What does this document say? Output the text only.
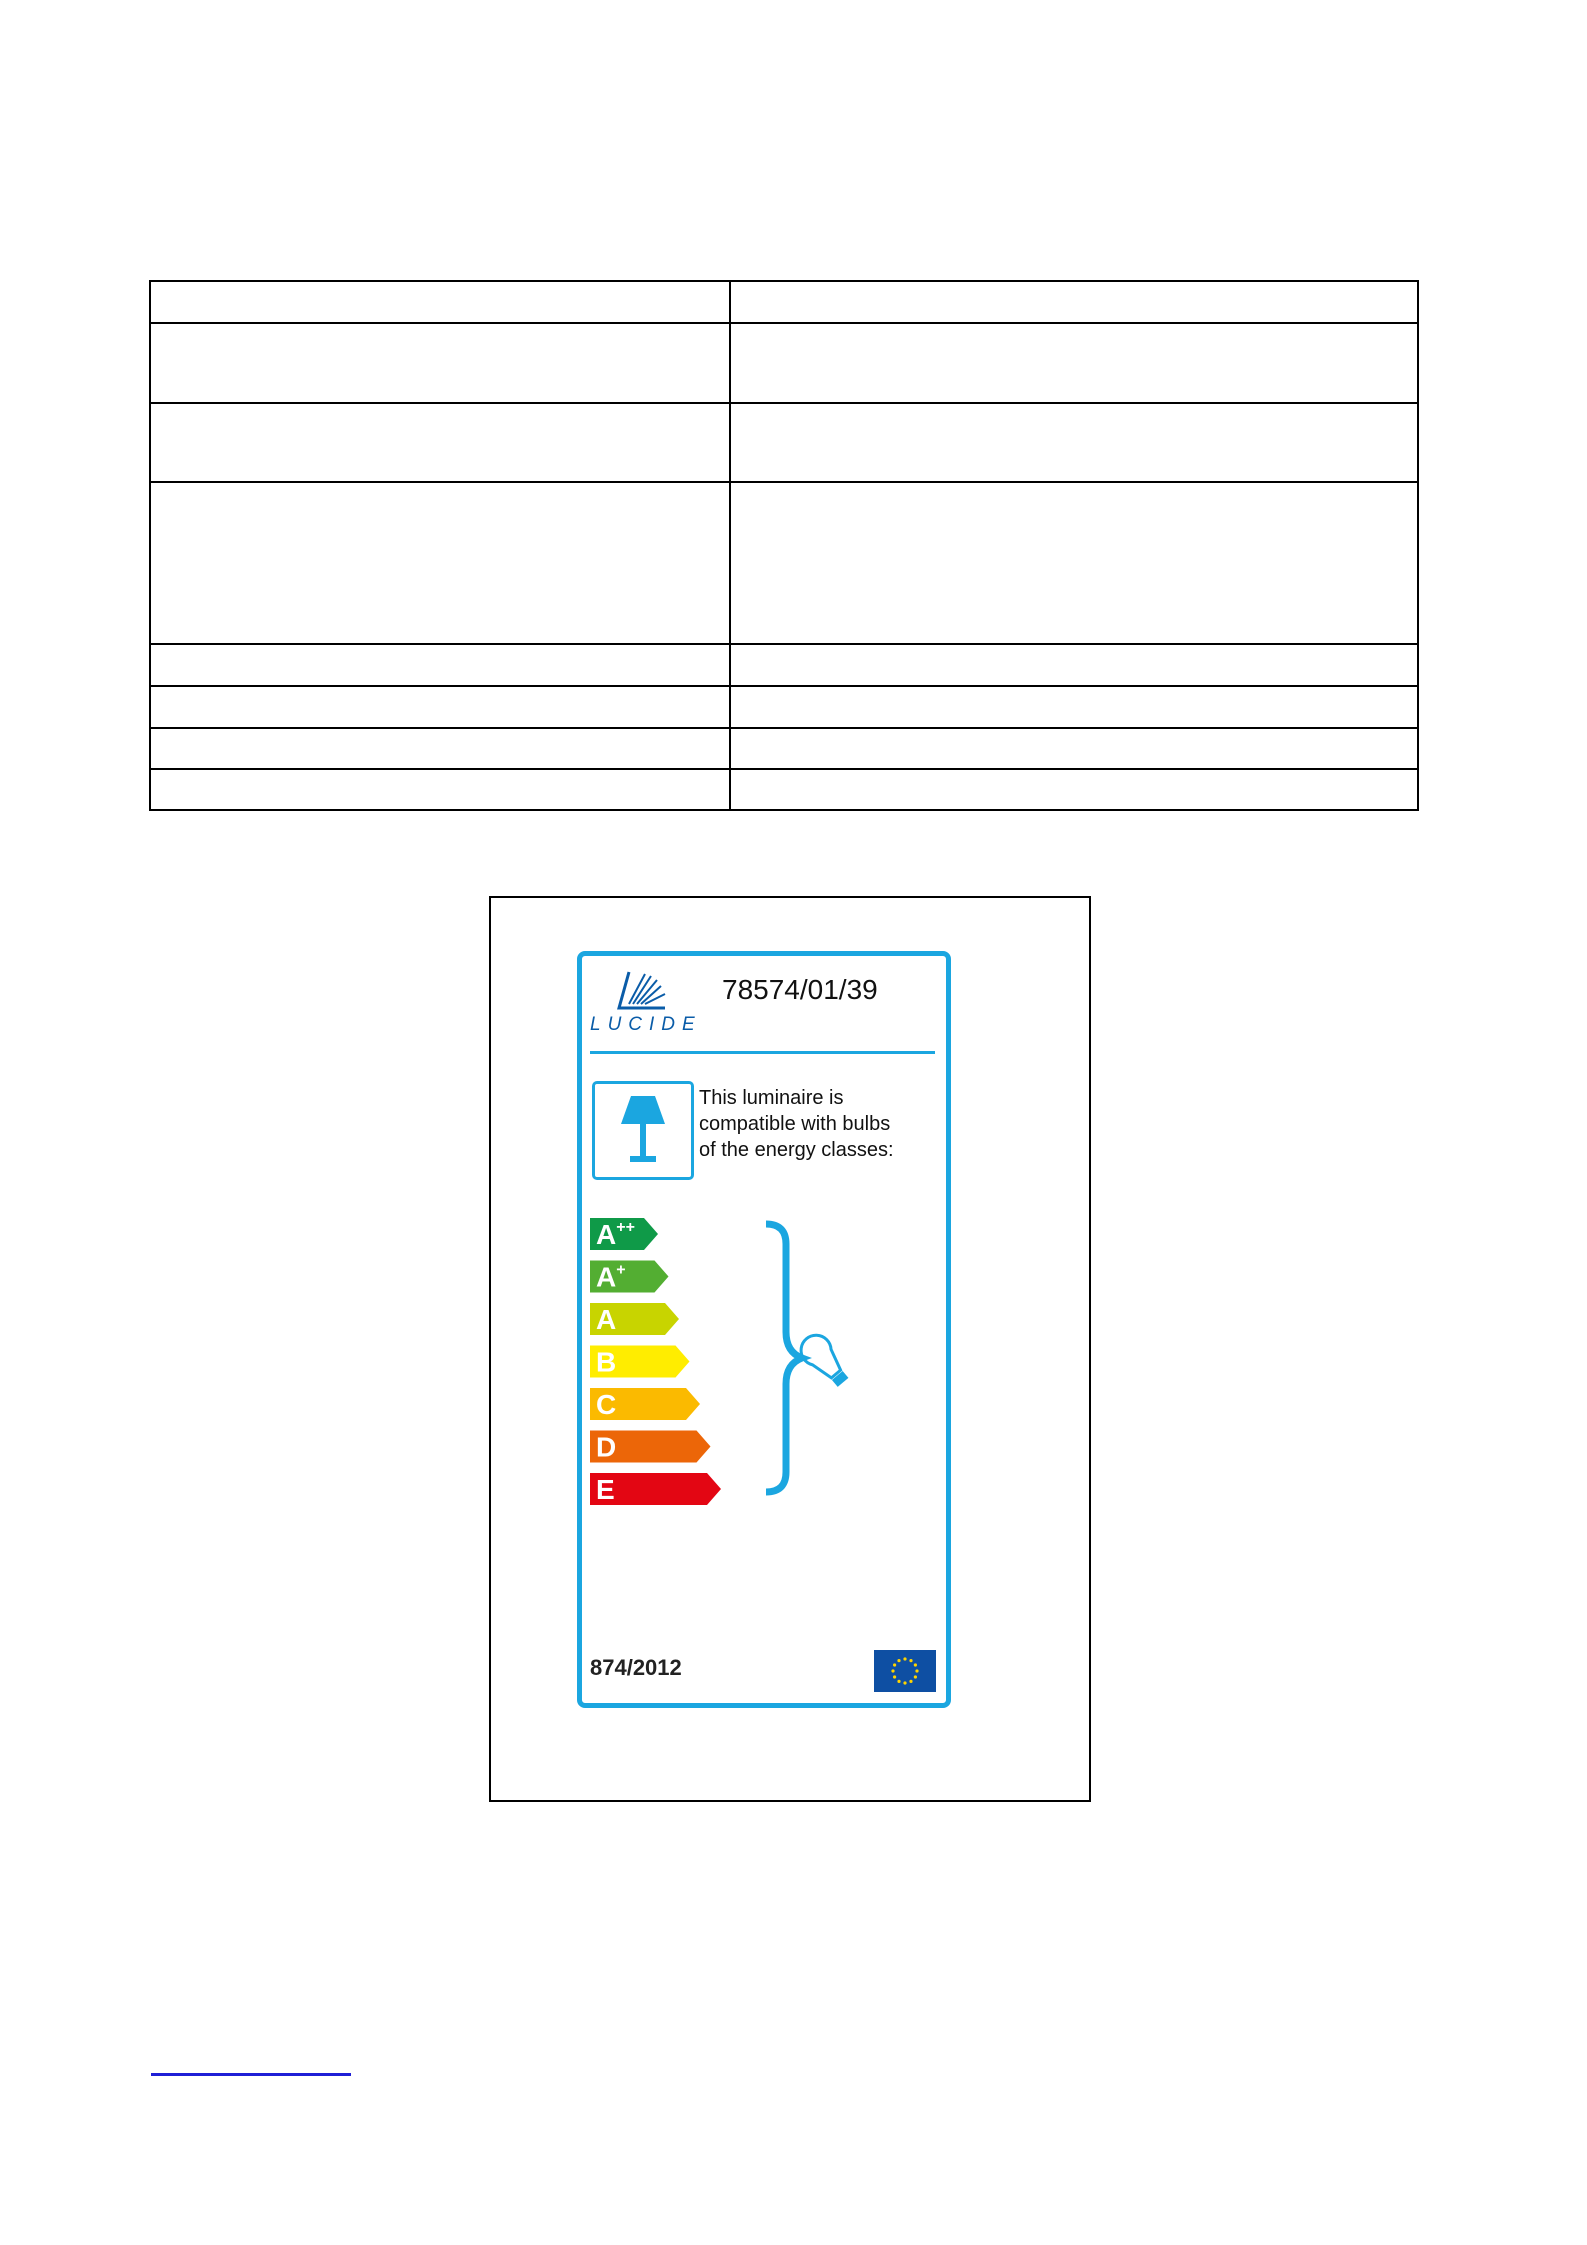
LUCIDE
78574/01/39
This luminaire is
compatible with bulbs
of the energy classes:
A++
A+
A
B
C
D
E
874/2012
